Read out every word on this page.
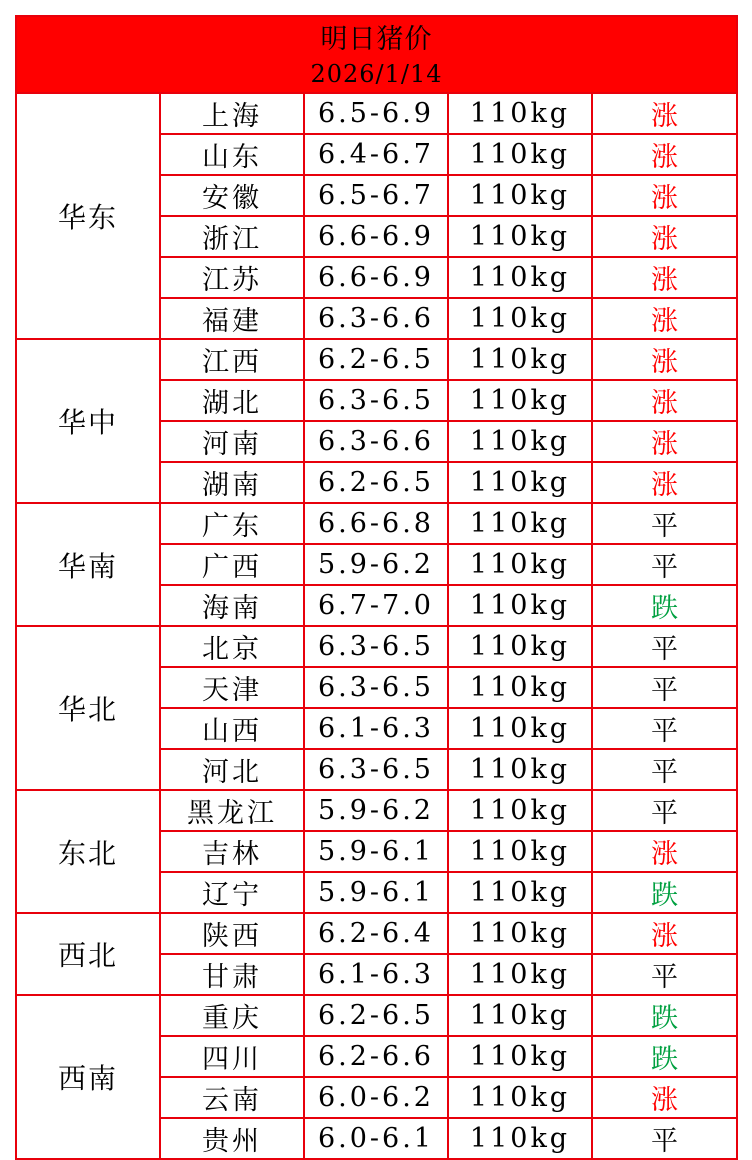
明日猪价				
2026/1/14				
华东	上海	6.5-6.9	110kg	涨
	山东	6.4-6.7	110kg	涨
	安徽	6.5-6.7	110kg	涨
	浙江	6.6-6.9	110kg	涨
	江苏	6.6-6.9	110kg	涨
	福建	6.3-6.6	110kg	涨
华中	江西	6.2-6.5	110kg	涨
	湖北	6.3-6.5	110kg	涨
	河南	6.3-6.6	110kg	涨
	湖南	6.2-6.5	110kg	涨
华南	广东	6.6-6.8	110kg	平
	广西	5.9-6.2	110kg	平
	海南	6.7-7.0	110kg	跌
华北	北京	6.3-6.5	110kg	平
	天津	6.3-6.5	110kg	平
	山西	6.1-6.3	110kg	平
	河北	6.3-6.5	110kg	平
东北	黑龙江	5.9-6.2	110kg	平
	吉林	5.9-6.1	110kg	涨
	辽宁	5.9-6.1	110kg	跌
西北	陕西	6.2-6.4	110kg	涨
	甘肃	6.1-6.3	110kg	平
西南	重庆	6.2-6.5	110kg	跌
	四川	6.2-6.6	110kg	跌
	云南	6.0-6.2	110kg	涨
	贵州	6.0-6.1	110kg	平
